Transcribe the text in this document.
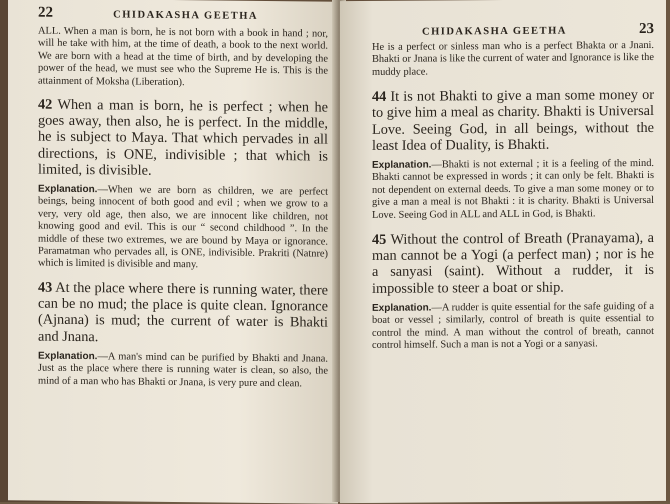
22	CHIDAKASHA GEETHA

ALL. When a man is born, he is not born with a book in hand ; nor, will he take with him, at the time of death, a book to the next world. We are born with a head at the time of birth, and by developing the power of the head, we must see who the Supreme He is. This is the attainment of Moksha (Liberation).

42 When a man is born, he is perfect ; when he goes away, then also, he is perfect. In the middle, he is subject to Maya. That which pervades in all directions, is ONE, indivisible ; that which is limited, is divisible.

Explanation.—When we are born as children, we are perfect beings, being innocent of both good and evil ; when we grow to a very, very old age, then also, we are innocent like children, not knowing good and evil. This is our “ second childhood ”. In the middle of these two extremes, we are bound by Maya or ignorance. Paramatman who pervades all, is ONE, indivisible. Prakriti (Natnre) which is limited is divisible and many.

43 At the place where there is running water, there can be no mud; the place is quite clean. Ignorance (Ajnana) is mud; the current of water is Bhakti and Jnana.

Explanation.—A man's mind can be purified by Bhakti and Jnana. Just as the place where there is running water is clean, so also, the mind of a man who has Bhakti or Jnana, is very pure and clean.

CHIDAKASHA GEETHA	23

He is a perfect or sinless man who is a perfect Bhakta or a Jnani. Bhakti or Jnana is like the current of water and Ignorance is like the muddy place.

44 It is not Bhakti to give a man some money or to give him a meal as charity. Bhakti is Universal Love. Seeing God, in all beings, without the least Idea of Duality, is Bhakti.

Explanation.—Bhakti is not external ; it is a feeling of the mind. Bhakti cannot be expressed in words ; it can only be felt. Bhakti is not dependent on external deeds. To give a man some money or to give a man a meal is not Bhakti : it is charity. Bhakti is Universal Love. Seeing God in ALL and ALL in God, is Bhakti.

45 Without the control of Breath (Pranayama), a man cannot be a Yogi (a perfect man) ; nor is he a sanyasi (saint). Without a rudder, it is impossible to steer a boat or ship.

Explanation.—A rudder is quite essential for the safe guiding of a boat or vessel ; similarly, control of breath is quite essential to control the mind. A man without the control of breath, cannot control himself. Such a man is not a Yogi or a sanyasi.
